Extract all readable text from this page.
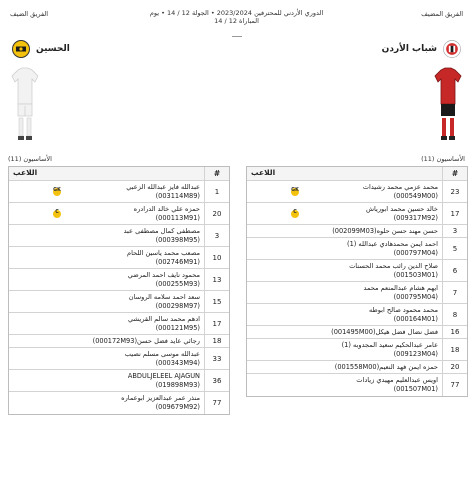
الفريق الضيف	الدوري الأردني للمحترفين 2023/2024 • الجولة 12 / 14 • يوم
المباراة 12 / 14
الفريق المضيف
الحسين	شباب الأردن
الأساسيون (11)	الأساسيون (11)
اللاعب	#
عبدالله فايز عبدالله الزعبي
(003114M89)
GK	1
حمزه علي خالد الدرادره
(000113M91)
C	20
مصطفى كمال مصطفى عبد
(000398M95)	3
مصعب محمد ياسين اللحام
(002746M91)	10
محمود نايف احمد المرضي
(000255M93)	13
سعد احمد سلامه الروسان
(000298M97)	15
ادهم محمد سالم القريشي
(000121M95)	17
رجائي عايد فضل حسن(000172M93)	18
عبدالله موسى مسلم نصيب
(000343M94)	33
ABDULJELEEL AJAGUN
(019898M93)	36
منذر عمر عبدالعزيز ابوعماره
(009679M92)	77
اللاعب	#
محمد عزمي محمد رشيدات
(000549M00)
GK	23
خالد حسين محمد ابورياش
(009317M92)
C	17
حسن مهند حسن حلوه(002099M03)	3
احمد ايمن محمدهادي عبدالله (1)
(000797M04)	5
صلاح الدين رائب محمد الحسنات
(001503M01)	6
ايهم هشام عبدالمنعم محمد
(000795M04)	7
محمد محمود صالح ابوطه
(000164M01)	8
فضل نضال فضل هيكل(001495M00)	16
عامر عبدالحكيم سعيد المجدوبه (1)
(009123M04)	18
حمزه ايمن فهد النعيم(001558M00)	20
اويس عبدالعليم مهيدي زيادات
(001507M01)	77
